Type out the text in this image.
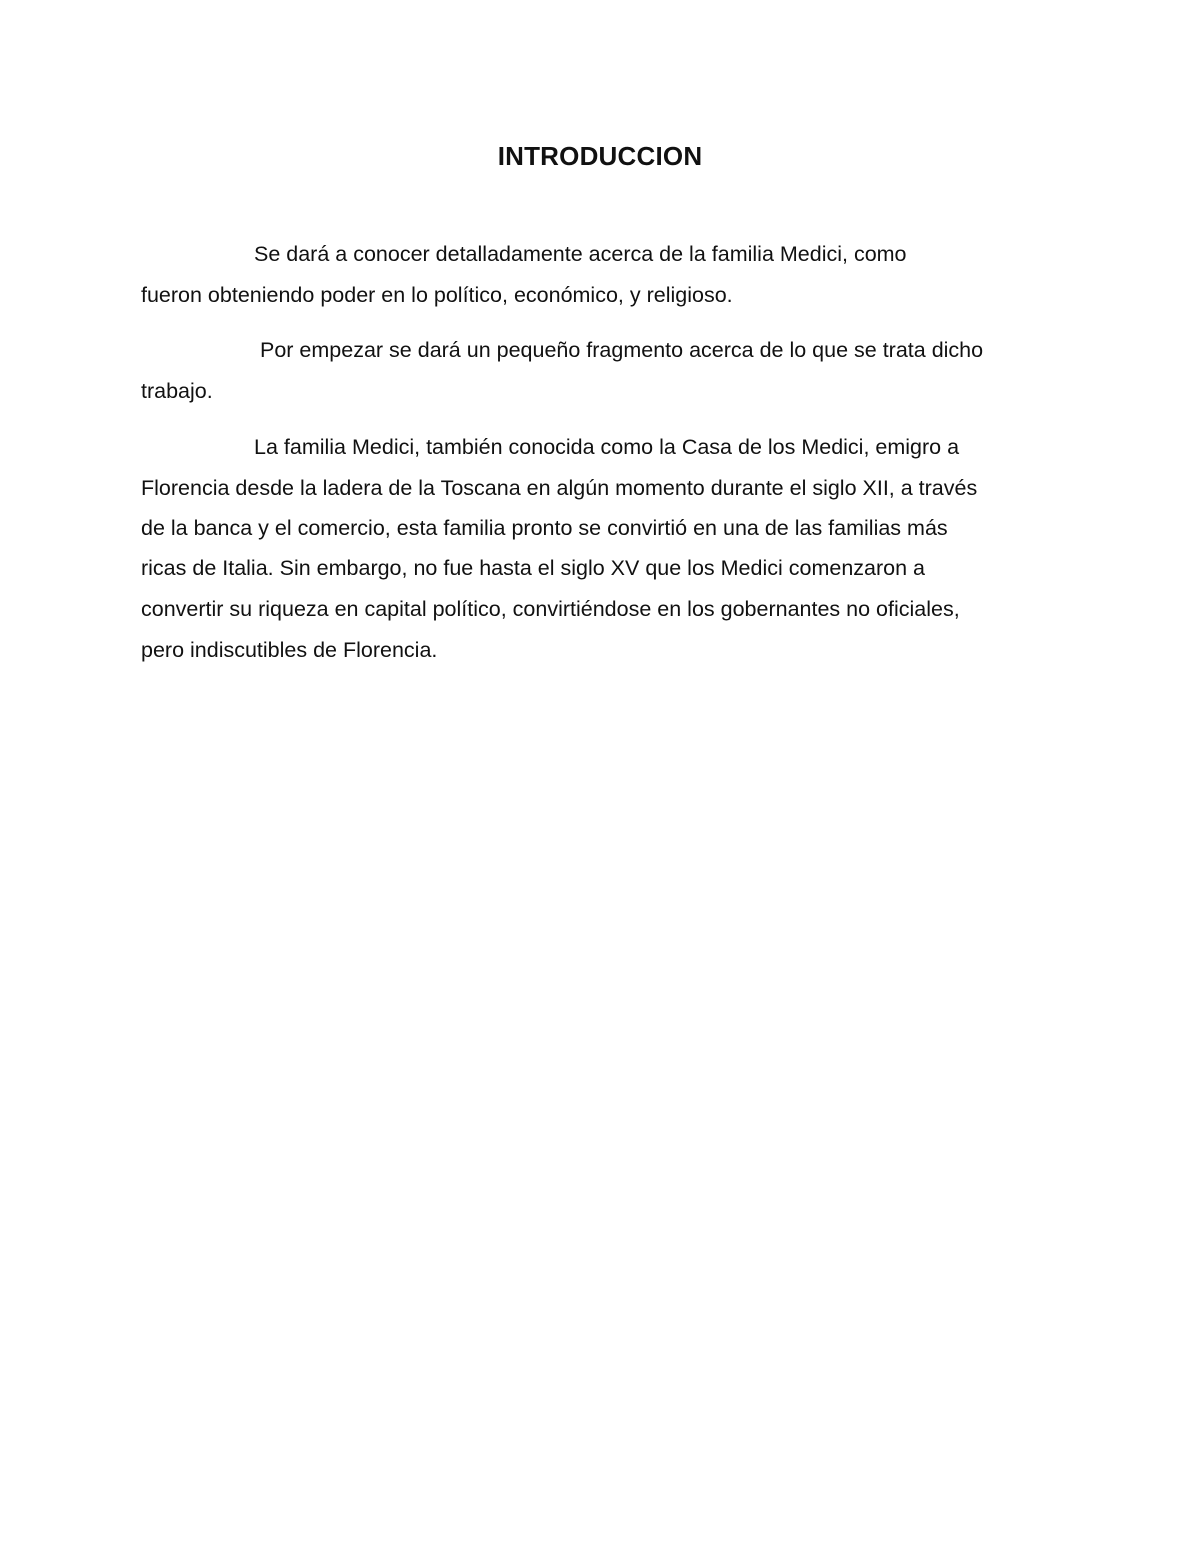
INTRODUCCION
Se dará a conocer detalladamente acerca de la familia Medici, como
fueron obteniendo poder en lo político, económico, y religioso.
Por empezar se dará un pequeño fragmento acerca de lo que se trata dicho
trabajo.
La familia Medici, también conocida como la Casa de los Medici, emigro a
Florencia desde la ladera de la Toscana en algún momento durante el siglo XII, a través
de la banca y el comercio, esta familia pronto se convirtió en una de las familias más
ricas de Italia. Sin embargo, no fue hasta el siglo XV que los Medici comenzaron a
convertir su riqueza en capital político, convirtiéndose en los gobernantes no oficiales,
pero indiscutibles de Florencia.
